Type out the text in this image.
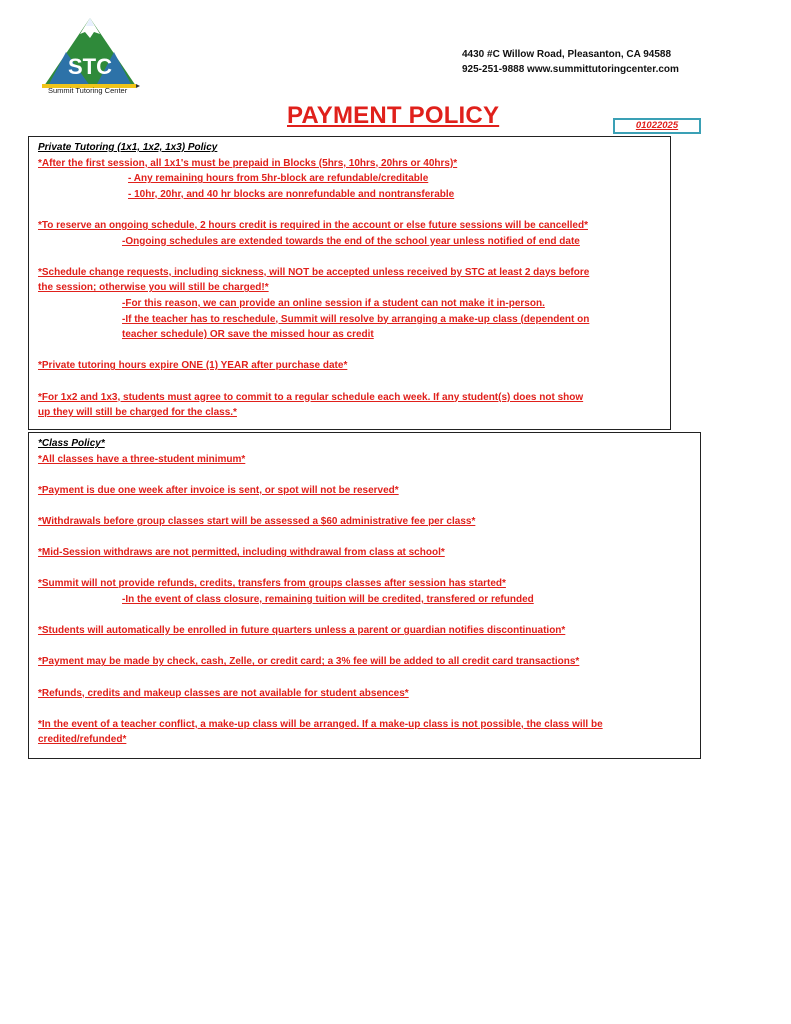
STC
Summit Tutoring Center
4430 #C Willow Road, Pleasanton, CA 94588
925-251-9888 www.summittutoringcenter.com
PAYMENT POLICY	01022025
Private Tutoring (1x1, 1x2, 1x3) Policy
*After the first session, all 1x1's must be prepaid in Blocks (5hrs, 10hrs, 20hrs or 40hrs)*
- Any remaining hours from 5hr-block are refundable/creditable
- 10hr, 20hr, and 40 hr blocks are nonrefundable and nontransferable
*To reserve an ongoing schedule, 2 hours credit is required in the account or else future sessions will be cancelled*
-Ongoing schedules are extended towards the end of the school year unless notified of end date
*Schedule change requests, including sickness, will NOT be accepted unless received by STC at least 2 days before
the session; otherwise you will still be charged!*
-For this reason, we can provide an online session if a student can not make it in-person.
-If the teacher has to reschedule, Summit will resolve by arranging a make-up class (dependent on
teacher schedule) OR save the missed hour as credit
*Private tutoring hours expire ONE (1) YEAR after purchase date*
*For 1x2 and 1x3, students must agree to commit to a regular schedule each week. If any student(s) does not show
up they will still be charged for the class.*
*Class Policy*
*All classes have a three-student minimum*
*Payment is due one week after invoice is sent, or spot will not be reserved*
*Withdrawals before group classes start will be assessed a $60 administrative fee per class*
*Mid-Session withdraws are not permitted, including withdrawal from class at school*
*Summit will not provide refunds, credits, transfers from groups classes after session has started*
-In the event of class closure, remaining tuition will be credited, transfered or refunded
*Students will automatically be enrolled in future quarters unless a parent or guardian notifies discontinuation*
*Payment may be made by check, cash, Zelle, or credit card; a 3% fee will be added to all credit card transactions*
*Refunds, credits and makeup classes are not available for student absences*
*In the event of a teacher conflict, a make-up class will be arranged. If a make-up class is not possible, the class will be
credited/refunded*
